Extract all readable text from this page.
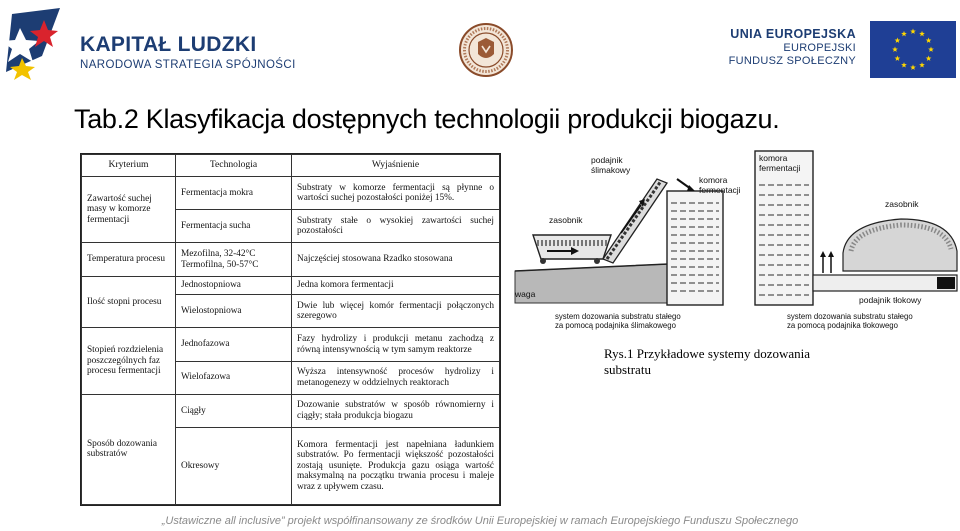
KAPITAŁ LUDZKI
NARODOWA STRATEGIA SPÓJNOŚCI
UNIA EUROPEJSKA
EUROPEJSKI
FUNDUSZ SPOŁECZNY
Tab.2 Klasyfikacja dostępnych technologii produkcji biogazu.
Kryterium	Technologia	Wyjaśnienie
Zawartość suchej masy w komorze fermentacji	Fermentacja mokra	Substraty w komorze fermentacji są płynne o wartości suchej pozostałości poniżej 15%.
	Fermentacja sucha	Substraty stałe o wysokiej zawartości suchej pozostałości
Temperatura procesu	Mezofilna, 32-42°C Termofilna, 50-57°C	Najczęściej stosowana Rzadko stosowana
Ilość stopni procesu	Jednostopniowa	Jedna komora fermentacji
	Wielostopniowa	Dwie lub więcej komór fermentacji połączonych szeregowo
Stopień rozdzielenia poszczególnych faz procesu fermentacji	Jednofazowa	Fazy hydrolizy i produkcji metanu zachodzą z równą intensywnością w tym samym reaktorze
	Wielofazowa	Wyższa intensywność procesów hydrolizy i metanogenezy w oddzielnych reaktorach
Sposób dozowania substratów	Ciągły	Dozowanie substratów w sposób równomierny i ciągły; stała produkcja biogazu
	Okresowy	Komora fermentacji jest napełniana ładunkiem substratów. Po fermentacji większość pozostałości zostają usunięte. Produkcja gazu osiąga wartość maksymalną na początku trwania procesu i maleje wraz z upływem czasu.
zasobnik
podajnik
ślimakowy
komora
fermentacji
waga
system dozowania substratu stałego
za pomocą podajnika ślimakowego
komora
fermentacji
zasobnik
podajnik tłokowy
system dozowania substratu stałego
za pomocą podajnika tłokowego
Rys.1 Przykładowe systemy dozowania substratu
„Ustawiczne all inclusive” projekt współfinansowany ze środków Unii Europejskiej w ramach Europejskiego Funduszu Społecznego
